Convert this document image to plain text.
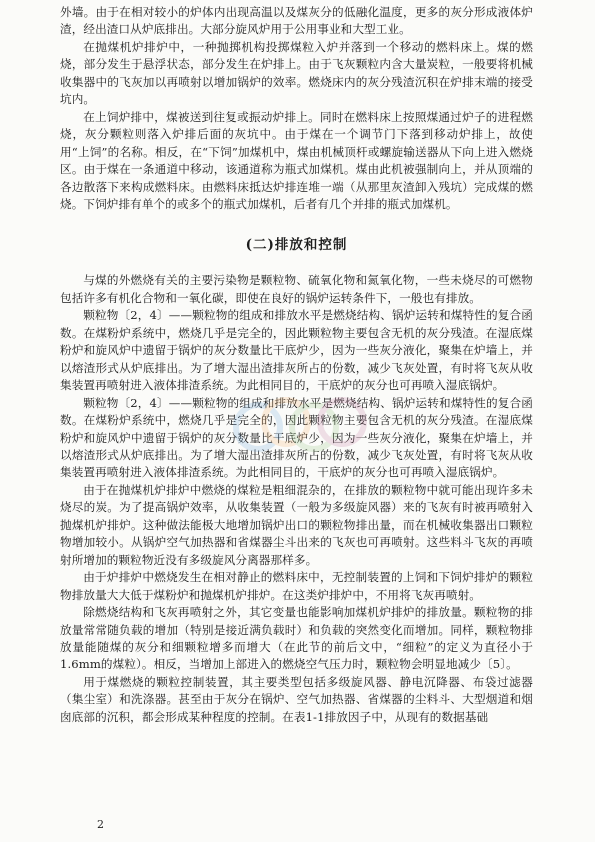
外墙。由于在相对较小的炉体内出现高温以及煤灰分的低融化温度，更多的灰分形成液体炉渣，经出渣口从炉底排出。大部分旋风炉用于公用事业和大型工业。

在抛煤机炉排炉中，一种抛掷机构投掷煤粒入炉并落到一个移动的燃料床上。煤的燃烧，部分发生于悬浮状态，部分发生在炉排上。由于飞灰颗粒内含大量炭粒，一般要将机械收集器中的飞灰加以再喷射以增加锅炉的效率。燃烧床内的灰分残渣沉积在炉排末端的接受坑内。

在上饲炉排中，煤被送到往复或振动炉排上。同时在燃料床上按照煤通过炉子的进程燃烧，灰分颗粒则落入炉排后面的灰坑中。由于煤在一个调节门下落到移动炉排上，故使用“上饲”的名称。相反，在“下饲”加煤机中，煤由机械顶杆或螺旋输送器从下向上进入燃烧区。由于煤在一条通道中移动，该通道称为瓶式加煤机。煤由此机被强制向上，并从顶端的各边散落下来构成燃料床。由燃料床抵达炉排连堆一端（从那里灰渣卸入残坑）完成煤的燃烧。下饲炉排有单个的或多个的瓶式加煤机，后者有几个并排的瓶式加煤机。

(二)排放和控制

与煤的外燃烧有关的主要污染物是颗粒物、硫氧化物和氮氧化物，一些未烧尽的可燃物包括许多有机化合物和一氧化碳，即使在良好的锅炉运转条件下，一般也有排放。

颗粒物〔2，4〕——颗粒物的组成和排放水平是燃烧结构、锅炉运转和煤特性的复合函数。在煤粉炉系统中，燃烧几乎是完全的，因此颗粒物主要包含无机的灰分残渣。在湿底煤粉炉和旋风炉中遗留于锅炉的灰分数量比干底炉少，因为一些灰分液化，聚集在炉墙上，并以熔渣形式从炉底排出。为了增大湿出渣排灰所占的份数，减少飞灰处置，有时将飞灰从收集装置再喷射进入液体排渣系统。为此相同目的，干底炉的灰分也可再喷入湿底锅炉。

颗粒物〔2，4〕——颗粒物的组成和排放水平是燃烧结构、锅炉运转和煤特性的复合函数。在煤粉炉系统中，燃烧几乎是完全的，因此颗粒物主要包含无机的灰分残渣。在湿底煤粉炉和旋风炉中遗留于锅炉的灰分数量比干底炉少，因为一些灰分液化，聚集在炉墙上，并以熔渣形式从炉底排出。为了增大湿出渣排灰所占的份数，减少飞灰处置，有时将飞灰从收集装置再喷射进入液体排渣系统。为此相同目的，干底炉的灰分也可再喷入湿底锅炉。

由于在抛煤机炉排炉中燃烧的煤粒是粗细混杂的，在排放的颗粒物中就可能出现许多未烧尽的炭。为了提高锅炉效率，从收集装置（一般为多级旋风器）来的飞灰有时被再喷射入抛煤机炉排炉。这种做法能极大地增加锅炉出口的颗粒物排出量，而在机械收集器出口颗粒物增加较小。从锅炉空气加热器和省煤器尘斗出来的飞灰也可再喷射。这些料斗飞灰的再喷射所增加的颗粒物近没有多级旋风分离器那样多。

由于炉排炉中燃烧发生在相对静止的燃料床中，无控制装置的上饲和下饲炉排炉的颗粒物排放量大大低于煤粉炉和抛煤机炉排炉。在这类炉排炉中，不用将飞灰再喷射。

除燃烧结构和飞灰再喷射之外，其它变量也能影响加煤机炉排炉的排放量。颗粒物的排放量常常随负载的增加（特别是接近满负载时）和负载的突然变化而增加。同样，颗粒物排放量能随煤的灰分和细颗粒增多而增大（在此节的前后文中，“细粒”的定义为直径小于1.6mm的煤粒）。相反，当增加上部进入的燃烧空气压力时，颗粒物会明显地减少〔5〕。

用于煤燃烧的颗粒控制装置，其主要类型包括多级旋风器、静电沉降器、布袋过滤器（集尘室）和洗涤器。甚至由于灰分在锅炉、空气加热器、省煤器的尘料斗、大型烟道和烟囱底部的沉积，都会形成某种程度的控制。在表1-1排放因子中，从现有的数据基础

2
